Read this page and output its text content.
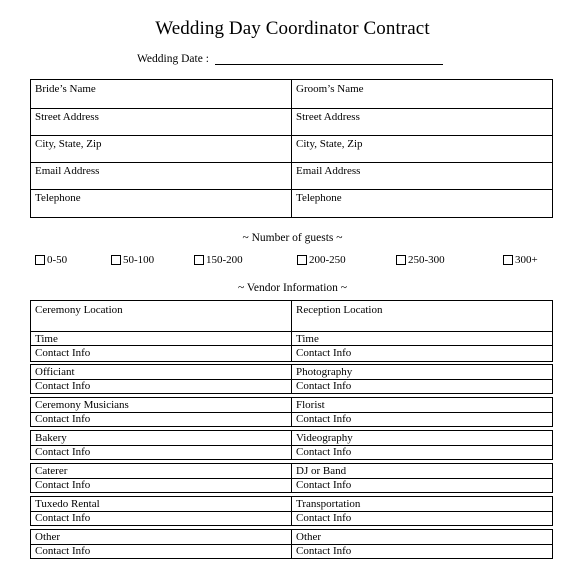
Wedding Day Coordinator Contract
Wedding Date :
Bride’s Name	Groom’s Name
Street Address	Street Address
City, State, Zip	City, State, Zip
Email Address	Email Address
Telephone	Telephone
~ Number of guests ~
0-50	50-100	150-200	200-250	250-300	300+
~ Vendor Information ~
Ceremony Location	Reception Location
Time	Time
Contact Info	Contact Info
Officiant	Photography
Contact Info	Contact Info
Ceremony Musicians	Florist
Contact Info	Contact Info
Bakery	Videography
Contact Info	Contact Info
Caterer	DJ or Band
Contact Info	Contact Info
Tuxedo Rental	Transportation
Contact Info	Contact Info
Other	Other
Contact Info	Contact Info
